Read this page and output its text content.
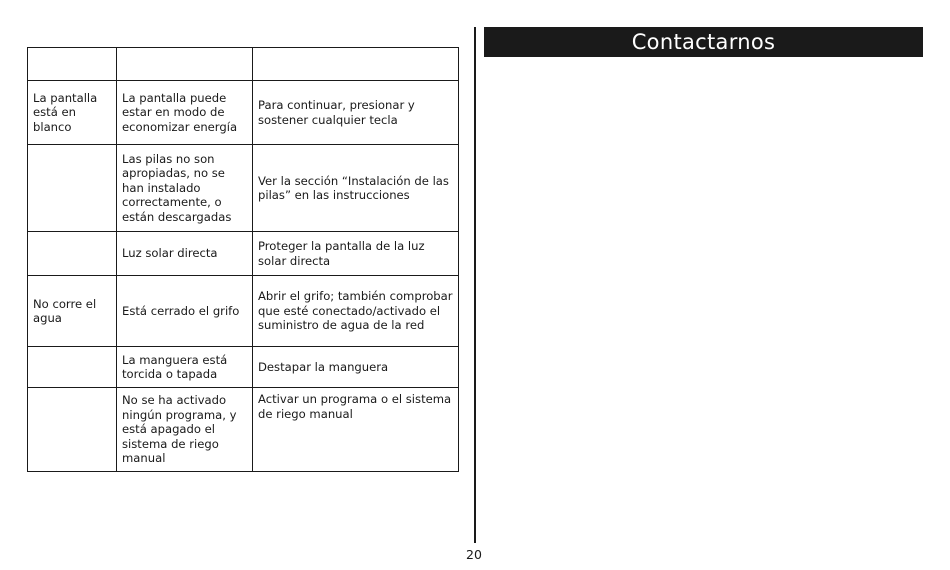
La pantalla está en blanco	La pantalla puede estar en modo de economizar energía	Para continuar, presionar y sostener cualquier tecla
	Las pilas no son apropiadas, no se han instalado correctamente, o están descargadas	Ver la sección “Instalación de las pilas” en las instrucciones
	Luz solar directa	Proteger la pantalla de la luz solar directa
No corre el agua	Está cerrado el grifo	Abrir el grifo; también comprobar que esté conectado/activado el suministro de agua de la red
	La manguera está torcida o tapada	Destapar la manguera
	No se ha activado ningún programa, y está apagado el sistema de riego manual	Activar un programa o el sistema de riego manual
20
Contactarnos
